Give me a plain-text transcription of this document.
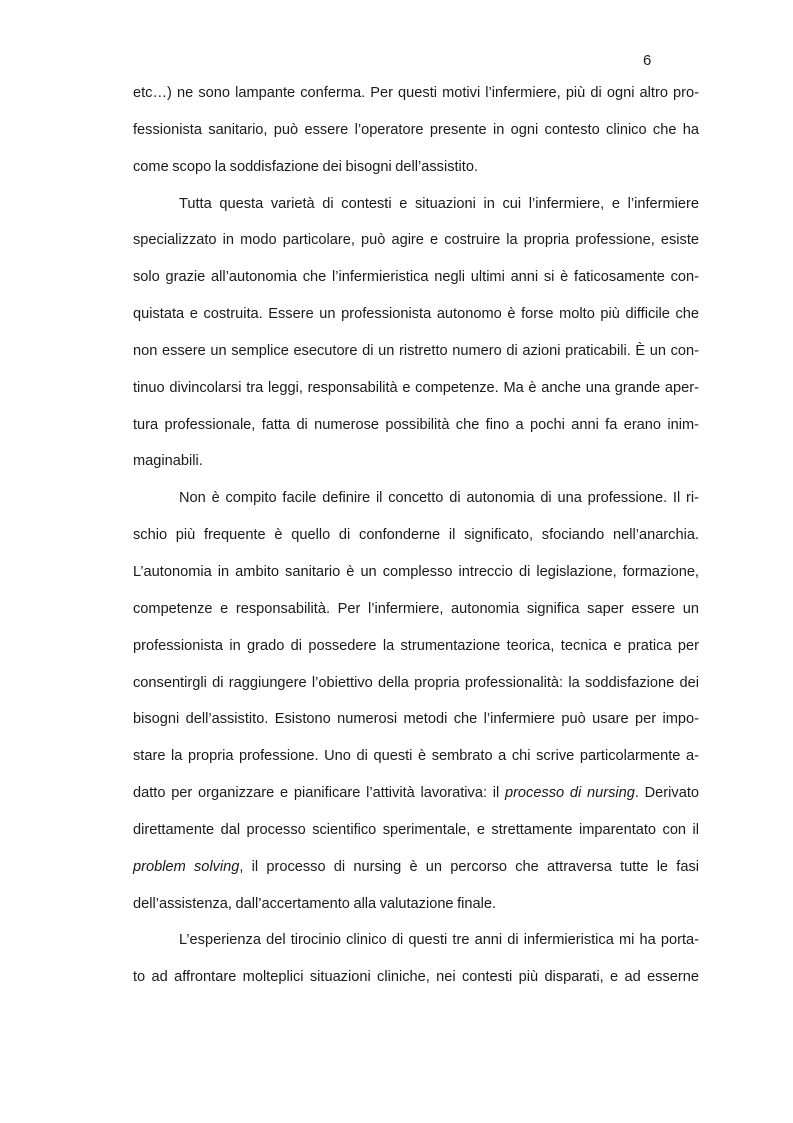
6

etc…) ne sono lampante conferma. Per questi motivi l’infermiere, più di ogni altro pro-
fessionista sanitario, può essere l’operatore presente in ogni contesto clinico che ha
come scopo la soddisfazione dei bisogni dell’assistito.

Tutta questa varietà di contesti e situazioni in cui l’infermiere, e l’infermiere
specializzato in modo particolare, può agire e costruire la propria professione, esiste
solo grazie all’autonomia che l’infermieristica negli ultimi anni si è faticosamente con-
quistata e costruita. Essere un professionista autonomo è forse molto più difficile che
non essere un semplice esecutore di un ristretto numero di azioni praticabili. È un con-
tinuo divincolarsi tra leggi, responsabilità e competenze. Ma è anche una grande aper-
tura professionale, fatta di numerose possibilità che fino a pochi anni fa erano inim-
maginabili.

Non è compito facile definire il concetto di autonomia di una professione. Il ri-
schio più frequente è quello di confonderne il significato, sfociando nell’anarchia.
L’autonomia in ambito sanitario è un complesso intreccio di legislazione, formazione,
competenze e responsabilità. Per l’infermiere, autonomia significa saper essere un
professionista in grado di possedere la strumentazione teorica, tecnica e pratica per
consentirgli di raggiungere l’obiettivo della propria professionalità: la soddisfazione dei
bisogni dell’assistito. Esistono numerosi metodi che l’infermiere può usare per impo-
stare la propria professione. Uno di questi è sembrato a chi scrive particolarmente a-
datto per organizzare e pianificare l’attività lavorativa: il processo di nursing. Derivato
direttamente dal processo scientifico sperimentale, e strettamente imparentato con il
problem solving, il processo di nursing è un percorso che attraversa tutte le fasi
dell’assistenza, dall’accertamento alla valutazione finale.

L’esperienza del tirocinio clinico di questi tre anni di infermieristica mi ha porta-
to ad affrontare molteplici situazioni cliniche, nei contesti più disparati, e ad esserne
